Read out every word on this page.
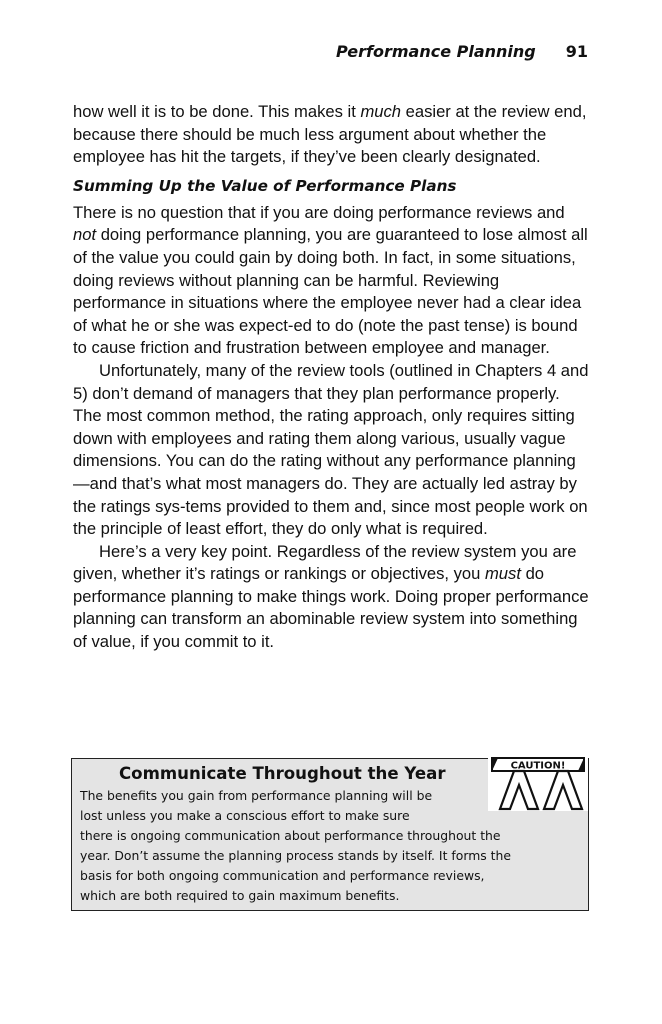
Performance Planning 91

how well it is to be done. This makes it much easier at the review end, because there should be much less argument about whether the employee has hit the targets, if they’ve been clearly designated.

Summing Up the Value of Performance Plans

There is no question that if you are doing performance reviews and not doing performance planning, you are guaranteed to lose almost all of the value you could gain by doing both. In fact, in some situations, doing reviews without planning can be harmful. Reviewing performance in situations where the employee never had a clear idea of what he or she was expect-ed to do (note the past tense) is bound to cause friction and frustration between employee and manager.

Unfortunately, many of the review tools (outlined in Chapters 4 and 5) don’t demand of managers that they plan performance properly. The most common method, the rating approach, only requires sitting down with employees and rating them along various, usually vague dimensions. You can do the rating without any performance planning—and that’s what most managers do. They are actually led astray by the ratings sys-tems provided to them and, since most people work on the principle of least effort, they do only what is required.

Here’s a very key point. Regardless of the review system you are given, whether it’s ratings or rankings or objectives, you must do performance planning to make things work. Doing proper performance planning can transform an abominable review system into something of value, if you commit to it.

Communicate Throughout the Year	CAUTION!
The benefits you gain from performance planning will be
lost unless you make a conscious effort to make sure
there is ongoing communication about performance throughout the
year. Don’t assume the planning process stands by itself. It forms the
basis for both ongoing communication and performance reviews,
which are both required to gain maximum benefits.
